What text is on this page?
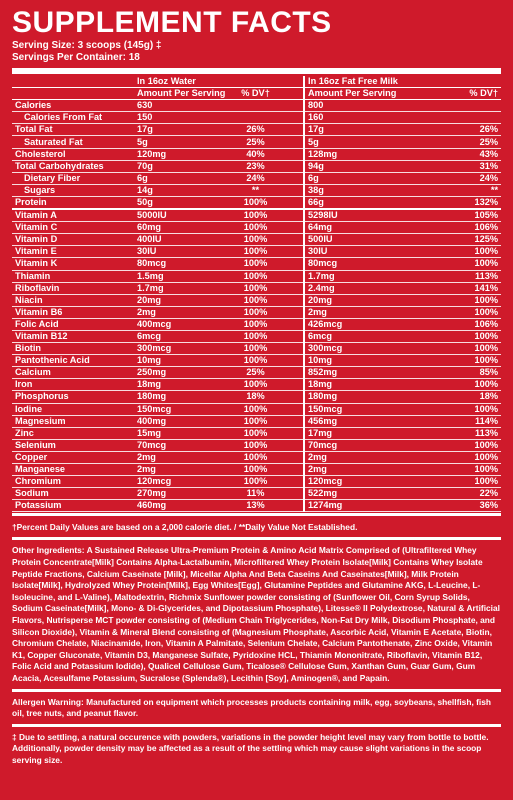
SUPPLEMENT FACTS
Serving Size: 3 scoops (145g) ‡
Servings Per Container: 18
	In 16oz Water		In 16oz Fat Free Milk	
	Amount Per Serving	% DV†	Amount Per Serving	% DV†
Calories	630		800	
Calories From Fat	150		160	
Total Fat	17g	26%	17g	26%
Saturated Fat	5g	25%	5g	25%
Cholesterol	120mg	40%	128mg	43%
Total Carbohydrates	70g	23%	94g	31%
Dietary Fiber	6g	24%	6g	24%
Sugars	14g	**	38g	**
Protein	50g	100%	66g	132%
Vitamin A	5000IU	100%	5298IU	105%
Vitamin C	60mg	100%	64mg	106%
Vitamin D	400IU	100%	500IU	125%
Vitamin E	30IU	100%	30IU	100%
Vitamin K	80mcg	100%	80mcg	100%
Thiamin	1.5mg	100%	1.7mg	113%
Riboflavin	1.7mg	100%	2.4mg	141%
Niacin	20mg	100%	20mg	100%
Vitamin B6	2mg	100%	2mg	100%
Folic Acid	400mcg	100%	426mcg	106%
Vitamin B12	6mcg	100%	6mcg	100%
Biotin	300mcg	100%	300mcg	100%
Pantothenic Acid	10mg	100%	10mg	100%
Calcium	250mg	25%	852mg	85%
Iron	18mg	100%	18mg	100%
Phosphorus	180mg	18%	180mg	18%
Iodine	150mcg	100%	150mcg	100%
Magnesium	400mg	100%	456mg	114%
Zinc	15mg	100%	17mg	113%
Selenium	70mcg	100%	70mcg	100%
Copper	2mg	100%	2mg	100%
Manganese	2mg	100%	2mg	100%
Chromium	120mcg	100%	120mcg	100%
Sodium	270mg	11%	522mg	22%
Potassium	460mg	13%	1274mg	36%
†Percent Daily Values are based on a 2,000 calorie diet. / **Daily Value Not Established.
Other Ingredients: A Sustained Release Ultra-Premium Protein & Amino Acid Matrix Comprised of (Ultrafiltered Whey Protein Concentrate[Milk] Contains Alpha-Lactalbumin, Microfiltered Whey Protein Isolate[Milk] Contains Whey Isolate Peptide Fractions, Calcium Caseinate [Milk], Micellar Alpha And Beta Caseins And Caseinates[Milk], Milk Protein Isolate[Milk], Hydrolyzed Whey Protein[Milk], Egg Whites[Egg], Glutamine Peptides and Glutamine AKG, L-Leucine, L-Isoleucine, and L-Valine), Maltodextrin, Richmix Sunflower powder consisting of (Sunflower Oil, Corn Syrup Solids, Sodium Caseinate[Milk], Mono- & Di-Glycerides, and Dipotassium Phosphate), Litesse® II Polydextrose, Natural & Artificial Flavors, Nutrisperse MCT powder consisting of (Medium Chain Triglycerides, Non-Fat Dry Milk, Disodium Phosphate, and Silicon Dioxide), Vitamin & Mineral Blend consisting of (Magnesium Phosphate, Ascorbic Acid, Vitamin E Acetate, Biotin, Chromium Chelate, Niacinamide, Iron, Vitamin A Palmitate, Selenium Chelate, Calcium Pantothenate, Zinc Oxide, Vitamin K1, Copper Gluconate, Vitamin D3, Manganese Sulfate, Pyridoxine HCL, Thiamin Mononitrate, Riboflavin, Vitamin B12, Folic Acid and Potassium Iodide), Qualicel Cellulose Gum, Ticalose® Cellulose Gum, Xanthan Gum, Guar Gum, Gum Acacia, Acesulfame Potassium, Sucralose (Splenda®), Lecithin [Soy], Aminogen®, and Papain.
Allergen Warning: Manufactured on equipment which processes products containing milk, egg, soybeans, shellfish, fish oil, tree nuts, and peanut flavor.
‡ Due to settling, a natural occurence with powders, variations in the powder height level may vary from bottle to bottle. Additionally, powder density may be affected as a result of the settling which may cause slight variations in the scoop serving size.
